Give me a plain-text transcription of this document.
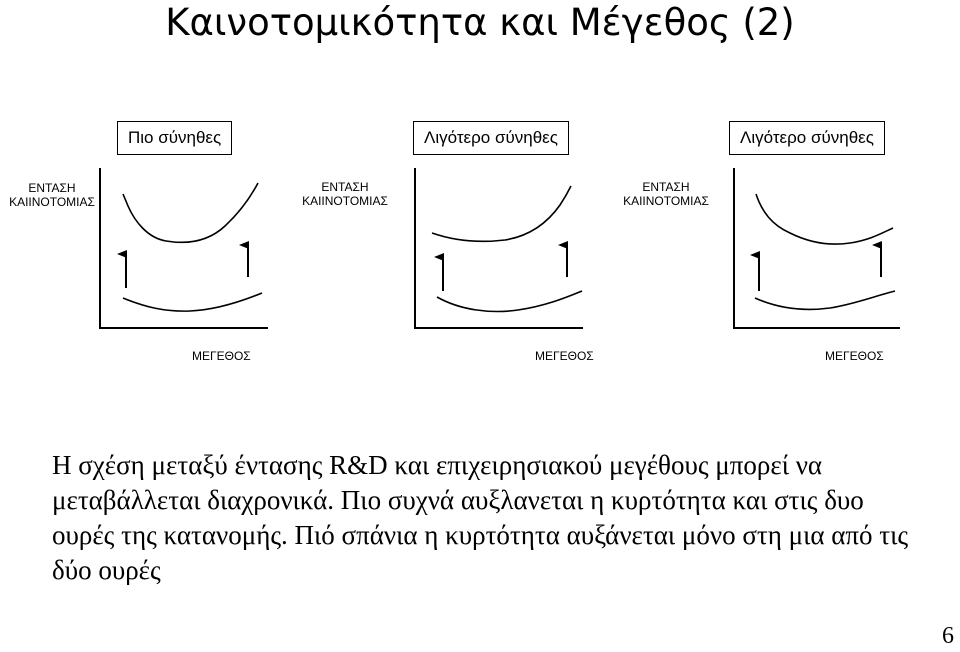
Καινοτομικότητα και Μέγεθος (2)
Πιο σύνηθες	Λιγότερο σύνηθες	Λιγότερο σύνηθες
ΕΝΤΑΣΗ
ΚΑΙΙΝΟΤΟΜΙΑΣ
ΕΝΤΑΣΗ
ΚΑΙΙΝΟΤΟΜΙΑΣ
ΕΝΤΑΣΗ
ΚΑΙΙΝΟΤΟΜΙΑΣ
ΜΕΓΕΘΟΣ	ΜΕΓΕΘΟΣ	ΜΕΓΕΘΟΣ
Η σχέση μεταξύ έντασης R&D και επιχειρησιακού μεγέθους μπορεί να μεταβάλλεται διαχρονικά. Πιο συχνά αυξλανεται η κυρτότητα και στις δυο ουρές της κατανομής. Πιό σπάνια η κυρτότητα αυξάνεται μόνο στη μια από τις δύο ουρές
6
